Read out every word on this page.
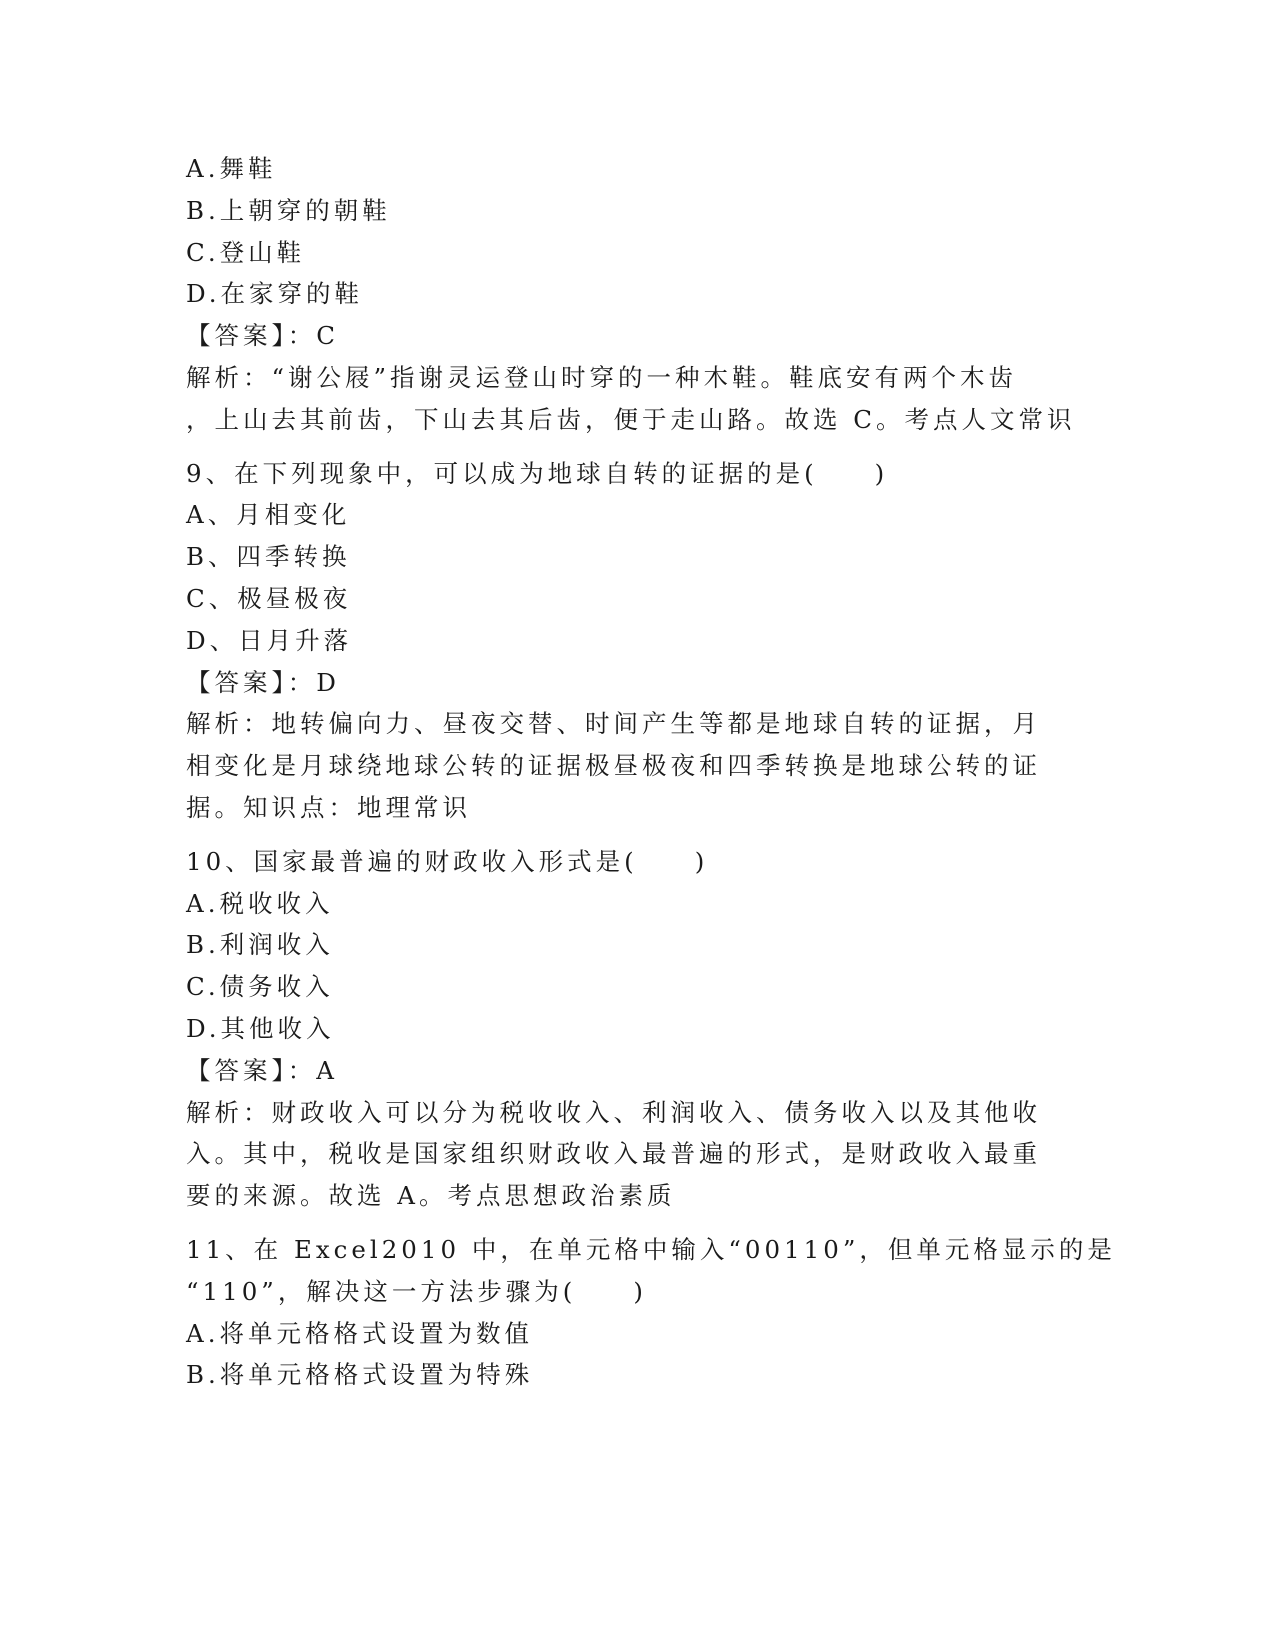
A.舞鞋
B.上朝穿的朝鞋
C.登山鞋
D.在家穿的鞋
【答案】：C
解析：“谢公屐”指谢灵运登山时穿的一种木鞋。鞋底安有两个木齿
，上山去其前齿，下山去其后齿，便于走山路。故选 C。考点人文常识
9、在下列现象中，可以成为地球自转的证据的是(　　)
A、月相变化
B、四季转换
C、极昼极夜
D、日月升落
【答案】：D
解析：地转偏向力、昼夜交替、时间产生等都是地球自转的证据，月
相变化是月球绕地球公转的证据极昼极夜和四季转换是地球公转的证
据。知识点：地理常识
10、国家最普遍的财政收入形式是(　　)
A.税收收入
B.利润收入
C.债务收入
D.其他收入
【答案】：A
解析：财政收入可以分为税收收入、利润收入、债务收入以及其他收
入。其中，税收是国家组织财政收入最普遍的形式，是财政收入最重
要的来源。故选 A。考点思想政治素质
11、在 Excel2010 中，在单元格中输入“00110”，但单元格显示的是
“110”，解决这一方法步骤为(　　)
A.将单元格格式设置为数值
B.将单元格格式设置为特殊
